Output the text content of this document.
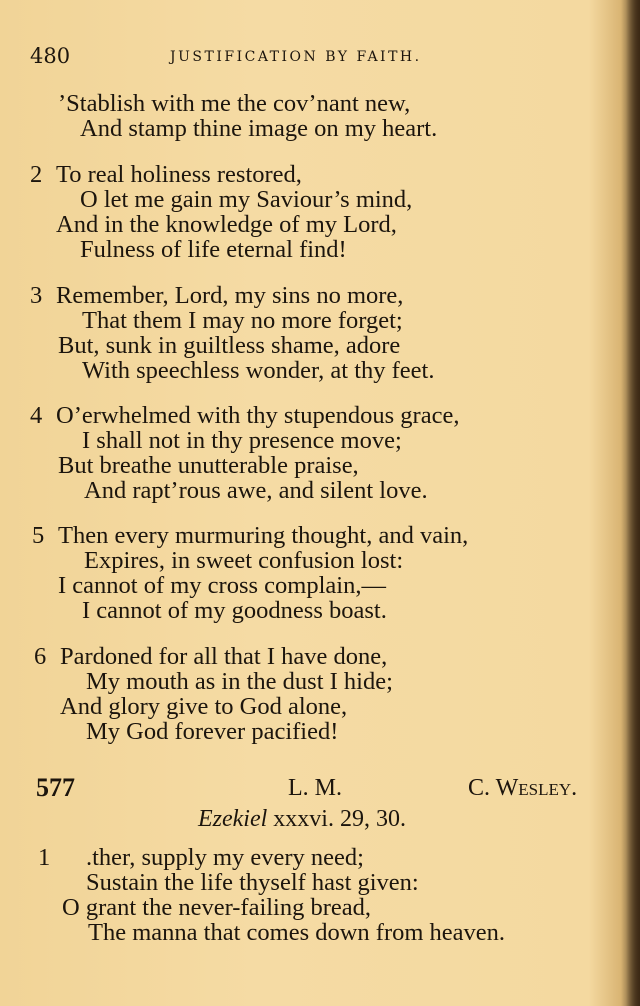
480	JUSTIFICATION BY FAITH.
’Stablish with me the cov’nant new,
And stamp thine image on my heart.
2 To real holiness restored,
O let me gain my Saviour’s mind,
And in the knowledge of my Lord,
Fulness of life eternal find!
3 Remember, Lord, my sins no more,
That them I may no more forget;
But, sunk in guiltless shame, adore
With speechless wonder, at thy feet.
4 O’erwhelmed with thy stupendous grace,
I shall not in thy presence move;
But breathe unutterable praise,
And rapt’rous awe, and silent love.
5 Then every murmuring thought, and vain,
Expires, in sweet confusion lost:
I cannot of my cross complain,—
I cannot of my goodness boast.
6 Pardoned for all that I have done,
My mouth as in the dust I hide;
And glory give to God alone,
My God forever pacified!
577	L. M.	C. Wesley.
Ezekiel xxxvi. 29, 30.
1 .ther, supply my every need;
Sustain the life thyself hast given:
O grant the never-failing bread,
The manna that comes down from heaven.
